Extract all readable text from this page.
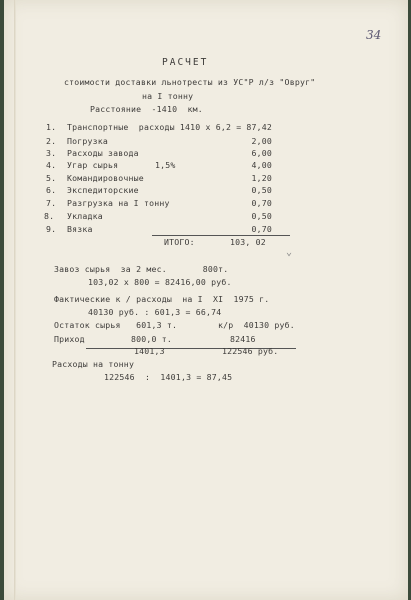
34
РАСЧЕТ
стоимости доставки льнотресты из УС"Р л/з "Овруг"
на I тонну
Расстояние  -1410  км.
1. Транспортные  расходы 1410 х 6,2 = 87,42
2. Погрузка	2,00
3. Расходы завода	6,00
4. Угар сырья	1,5%	4,00
5. Командировочные	1,20
6. Экспедиторские	0,50
7. Разгрузка на I тонну	0,70
8. Укладка	0,50
9. Вязка	0,70
ИТОГО:	103, 02
⌄
Завоз сырья  за 2 мес.       800т.
103,02 х 800 = 82416,00 руб.
Фактические к / расходы  на I  XI  1975 г.
40130 руб. : 601,3 = 66,74
Остаток сырья   601,3 т.	к/р  40130 руб.
Приход         800,0 т.	82416
1401,3	122546 руб.
Расходы на тонну
122546  :  1401,3 = 87,45
